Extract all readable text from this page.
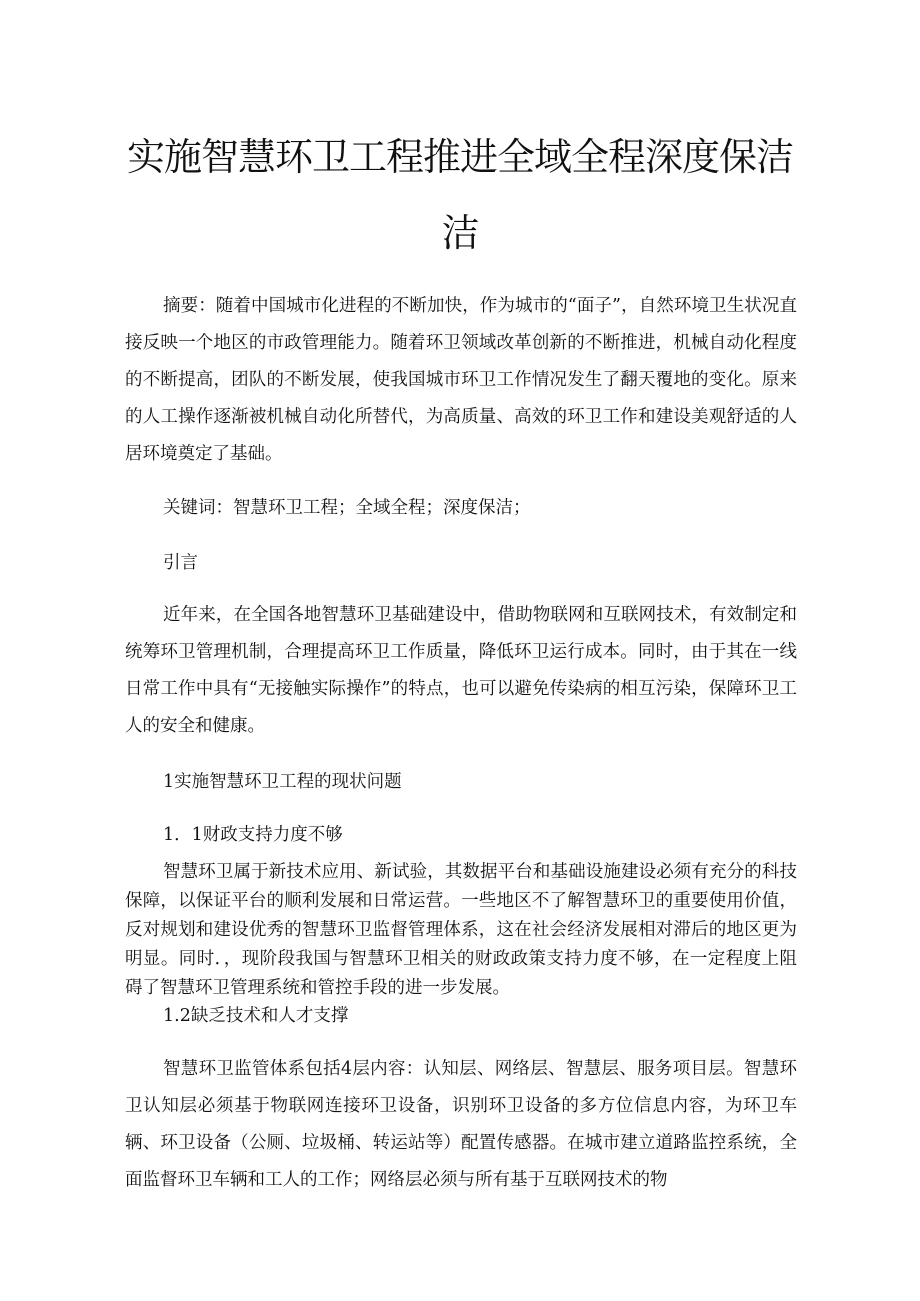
实施智慧环卫工程推进全域全程深度保洁
洁

摘要：随着中国城市化进程的不断加快，作为城市的“面子”，自然环境卫生状况直接反映一个地区的市政管理能力。随着环卫领域改革创新的不断推进，机械自动化程度的不断提高，团队的不断发展，使我国城市环卫工作情况发生了翻天覆地的变化。原来的人工操作逐渐被机械自动化所替代，为高质量、高效的环卫工作和建设美观舒适的人居环境奠定了基础。

关键词：智慧环卫工程；全域全程；深度保洁；

引言

近年来，在全国各地智慧环卫基础建设中，借助物联网和互联网技术，有效制定和统筹环卫管理机制，合理提高环卫工作质量，降低环卫运行成本。同时，由于其在一线日常工作中具有“无接触实际操作”的特点，也可以避免传染病的相互污染，保障环卫工人的安全和健康。

1实施智慧环卫工程的现状问题

1．1财政支持力度不够

智慧环卫属于新技术应用、新试验，其数据平台和基础设施建设必须有充分的科技保障，以保证平台的顺利发展和日常运营。一些地区不了解智慧环卫的重要使用价值，反对规划和建设优秀的智慧环卫监督管理体系，这在社会经济发展相对滞后的地区更为明显。同时．，现阶段我国与智慧环卫相关的财政政策支持力度不够，在一定程度上阻碍了智慧环卫管理系统和管控手段的进一步发展。

1.2缺乏技术和人才支撑

智慧环卫监管体系包括4层内容：认知层、网络层、智慧层、服务项目层。智慧环卫认知层必须基于物联网连接环卫设备，识别环卫设备的多方位信息内容，为环卫车辆、环卫设备（公厕、垃圾桶、转运站等）配置传感器。在城市建立道路监控系统，全面监督环卫车辆和工人的工作；网络层必须与所有基于互联网技术的物
